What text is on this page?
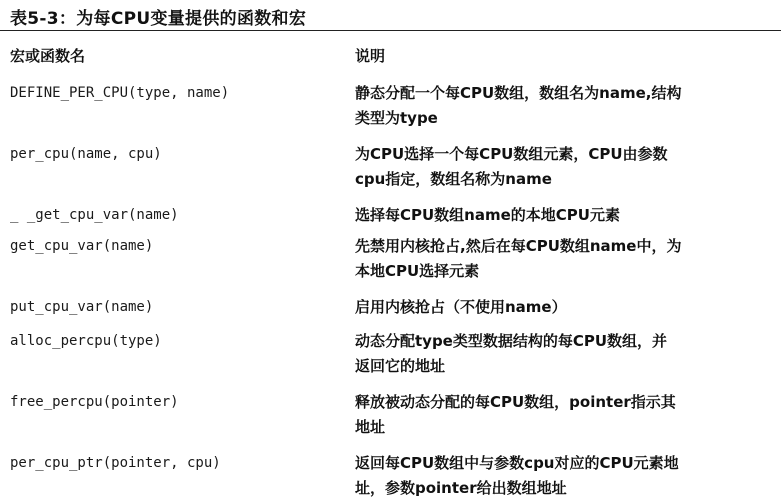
表5-3：为每CPU变量提供的函数和宏
宏或函数名	说明
DEFINE_PER_CPU(type, name)	静态分配一个每CPU数组，数组名为name,结构
类型为type
per_cpu(name, cpu)	为CPU选择一个每CPU数组元素，CPU由参数
cpu指定，数组名称为name
_ _get_cpu_var(name)	选择每CPU数组name的本地CPU元素
get_cpu_var(name)	先禁用内核抢占,然后在每CPU数组name中，为
本地CPU选择元素
put_cpu_var(name)	启用内核抢占（不使用name）
alloc_percpu(type)	动态分配type类型数据结构的每CPU数组，并
返回它的地址
free_percpu(pointer)	释放被动态分配的每CPU数组，pointer指示其
地址
per_cpu_ptr(pointer, cpu)	返回每CPU数组中与参数cpu对应的CPU元素地
址，参数pointer给出数组地址
